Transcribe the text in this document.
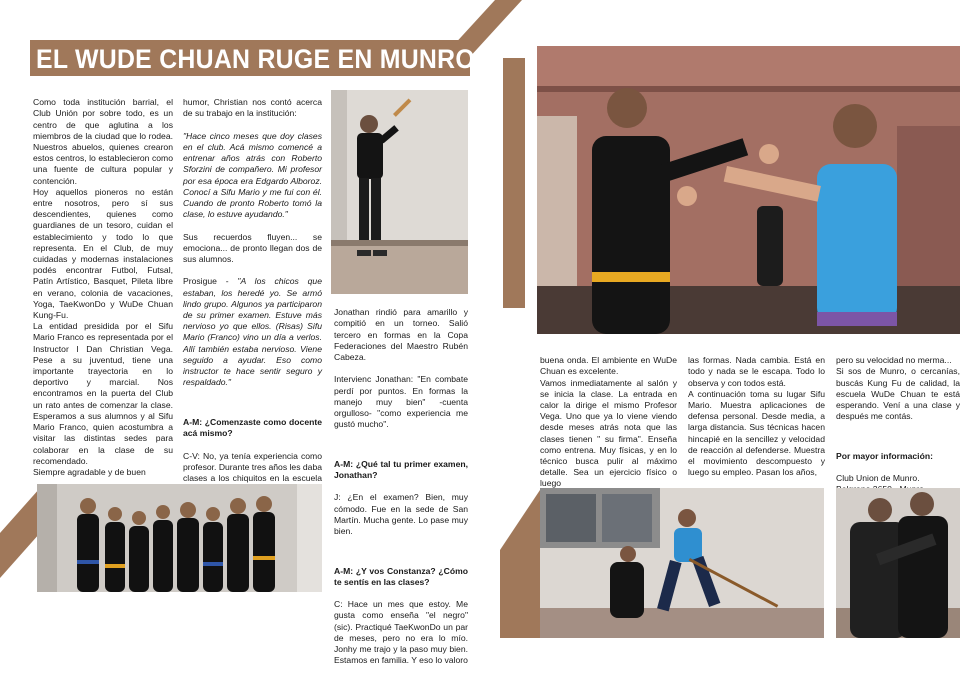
EL WUDE CHUAN RUGE EN MUNRO

Como toda institución barrial, el Club Unión por sobre todo, es un centro de que aglutina a los miembros de la ciudad que lo rodea. Nuestros abuelos, quienes crearon estos centros, lo establecieron como una fuente de cultura popular y contención.
Hoy aquellos pioneros no están entre nosotros, pero sí sus descendientes, quienes como guardianes de un tesoro, cuidan el establecimiento y todo lo que representa. En el Club, de muy cuidadas y modernas instalaciones podés encontrar Futbol, Futsal, Patín Artístico, Basquet, Pileta libre en verano, colonia de vacaciones, Yoga, TaeKwonDo y WuDe Chuan Kung-Fu.
La entidad presidida por el Sifu Mario Franco es representada por el Instructor I Dan Christian Vega. Pese a su juventud, tiene una importante trayectoria en lo deportivo y marcial. Nos encontramos en la puerta del Club un rato antes de comenzar la clase. Esperamos a sus alumnos y al Sifu Mario Franco, quien acostumbra a visitar las distintas sedes para colaborar en la clase de su recomendado.
Siempre agradable y de buen

humor, Christian nos contó acerca de su trabajo en la institución:

"Hace cinco meses que doy clases en el club. Acá mismo comencé a entrenar años atrás con Roberto Sforzini de compañero. Mi profesor por esa época era Edgardo Alboroz. Conocí a Sifu Mario y me fui con él. Cuando de pronto Roberto tomó la clase, lo estuve ayudando."

Sus recuerdos fluyen... se emociona... de pronto llegan dos de sus alumnos.

Prosigue - "A los chicos que estaban, los heredé yo. Se armó lindo grupo. Algunos ya participaron de su primer examen. Estuve más nervioso yo que ellos. (Risas) Sifu Mario (Franco) vino un día a verlos. Allí también estaba nervioso. Viene seguido a ayudar. Eso como instructor te hace sentir seguro y respaldado."

A-M: ¿Comenzaste como docente acá mismo?

C-V: No, ya tenía experiencia como profesor. Durante tres años les daba clases a los chiquitos en la escuela

Jonathan rindió para amarillo y compitió en un torneo. Salió tercero en formas en la Copa Federaciones del Maestro Rubén Cabeza.

Intervienc Jonathan: "En combate perdí por puntos. En formas la manejo muy bien" -cuenta orgulloso- "como experiencia me gustó mucho".

A-M: ¿Qué tal tu primer examen, Jonathan?

J: ¿En el examen? Bien, muy cómodo. Fue en la sede de San Martín. Mucha gente. Lo pase muy bien.

A-M: ¿Y vos Constanza? ¿Cómo te sentís en las clases?

C: Hace un mes que estoy. Me gusta como enseña "el negro" (sic). Practiqué TaeKwonDo un par de meses, pero no era lo mío. Jonhy me trajo y la paso muy bien. Estamos en familia. Y eso lo valoro

buena onda. El ambiente en WuDe Chuan es excelente.
Vamos inmediatamente al salón y se inicia la clase. La entrada en calor la dirige el mismo Profesor Vega. Uno que ya lo viene viendo desde meses atrás nota que las clases tienen " su firma". Enseña como entrena. Muy físicas, y en lo técnico busca pulir al máximo detalle. Sea un ejercicio físico o luego

las formas. Nada cambia. Está en todo y nada se le escapa. Todo lo observa y con todos está.
A continuación toma su lugar Sifu Mario. Muestra aplicaciones de defensa personal. Desde media, a larga distancia. Sus técnicas hacen hincapié en la sencillez y velocidad de reacción al defenderse. Muestra el movimiento descompuesto y luego su empleo. Pasan los años,

pero su velocidad no merma...
Si sos de Munro, o cercanías, buscás Kung Fu de calidad, la escuela WuDe Chuan te está esperando. Vení a una clase y después me contás.

Por mayor información:

Club Union de Munro.
